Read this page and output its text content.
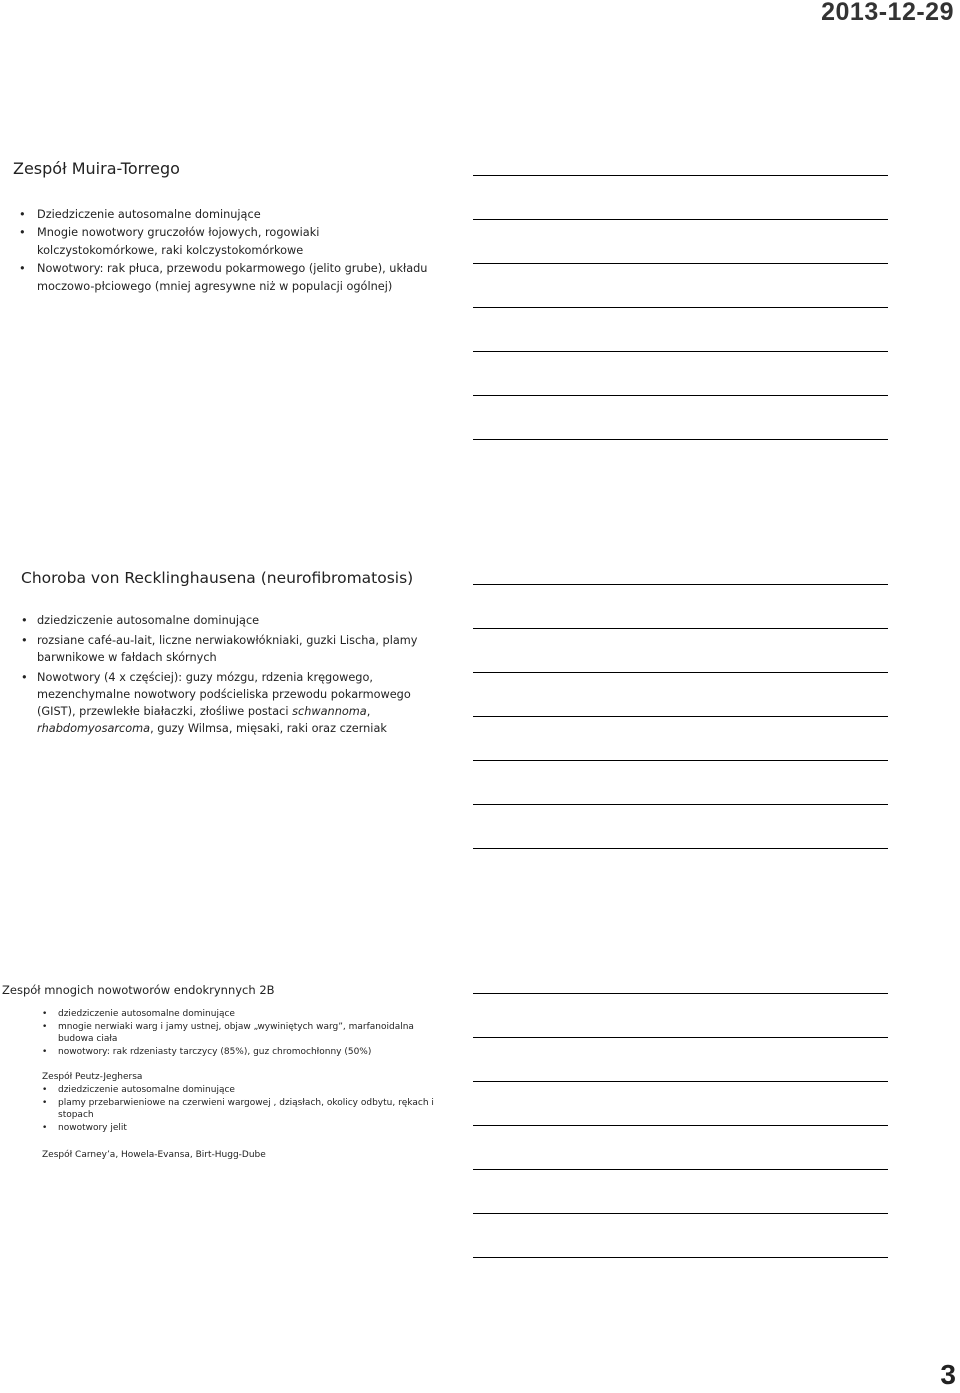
2013-12-29
Zespół Muira-Torrego
• Dziedziczenie autosomalne dominujące
• Mnogie nowotwory gruczołów łojowych, rogowiaki kolczystokomórkowe, raki kolczystokomórkowe
• Nowotwory: rak płuca, przewodu pokarmowego (jelito grube), układu moczowo-płciowego (mniej agresywne niż w populacji ogólnej)
Choroba von Recklinghausena (neurofibromatosis)
• dziedziczenie autosomalne dominujące
• rozsiane café-au-lait, liczne nerwiakowłókniaki, guzki Lischa, plamy barwnikowe w fałdach skórnych
• Nowotwory (4 x częściej): guzy mózgu, rdzenia kręgowego, mezenchymalne nowotwory podścieliska przewodu pokarmowego (GIST), przewlekłe białaczki, złośliwe postaci schwannoma, rhabdomyosarcoma, guzy Wilmsa, mięsaki, raki oraz czerniak
Zespół mnogich nowotworów endokrynnych 2B
• dziedziczenie autosomalne dominujące
• mnogie nerwiaki warg i jamy ustnej, objaw „wywiniętych warg”, marfanoidalna budowa ciała
• nowotwory: rak rdzeniasty tarczycy (85%), guz chromochłonny (50%)
Zespół Peutz-Jeghersa
• dziedziczenie autosomalne dominujące
• plamy przebarwieniowe na czerwieni wargowej , dziąsłach, okolicy odbytu, rękach i stopach
• nowotwory jelit
Zespół Carney’a, Howela-Evansa, Birt-Hugg-Dube
3
